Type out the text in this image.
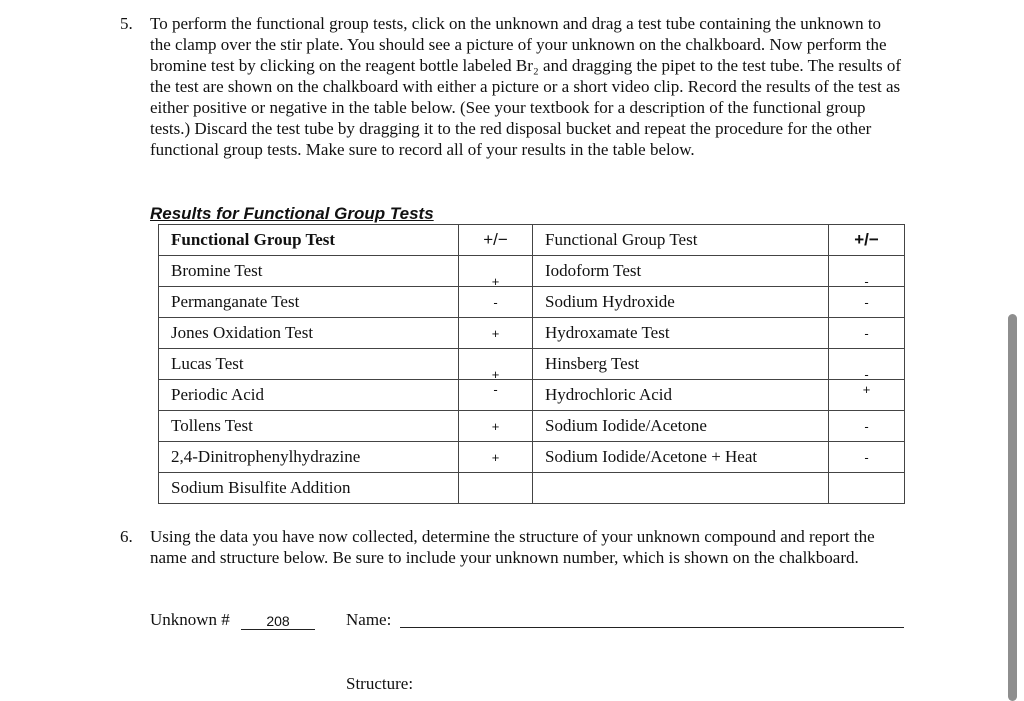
5. To perform the functional group tests, click on the unknown and drag a test tube containing the unknown to the clamp over the stir plate. You should see a picture of your unknown on the chalkboard. Now perform the bromine test by clicking on the reagent bottle labeled Br₂ and dragging the pipet to the test tube. The results of the test are shown on the chalkboard with either a picture or a short video clip. Record the results of the test as either positive or negative in the table below. (See your textbook for a description of the functional group tests.) Discard the test tube by dragging it to the red disposal bucket and repeat the procedure for the other functional group tests. Make sure to record all of your results in the table below.
Results for Functional Group Tests
Functional Group Test	+/−	Functional Group Test	+/−
Bromine Test	+	Iodoform Test	-

Permanganate Test	-	Sodium Hydroxide	-

Jones Oxidation Test	+	Hydroxamate Test	-

Lucas Test	+	Hinsberg Test	-

Periodic Acid	-	Hydrochloric Acid	+

Tollens Test	+	Sodium Iodide/Acetone	-

2,4-Dinitrophenylhydrazine	+	Sodium Iodide/Acetone + Heat	-

Sodium Bisulfite Addition	

6. Using the data you have now collected, determine the structure of your unknown compound and report the name and structure below. Be sure to include your unknown number, which is shown on the chalkboard.
Unknown #	208	Name:
Structure:
